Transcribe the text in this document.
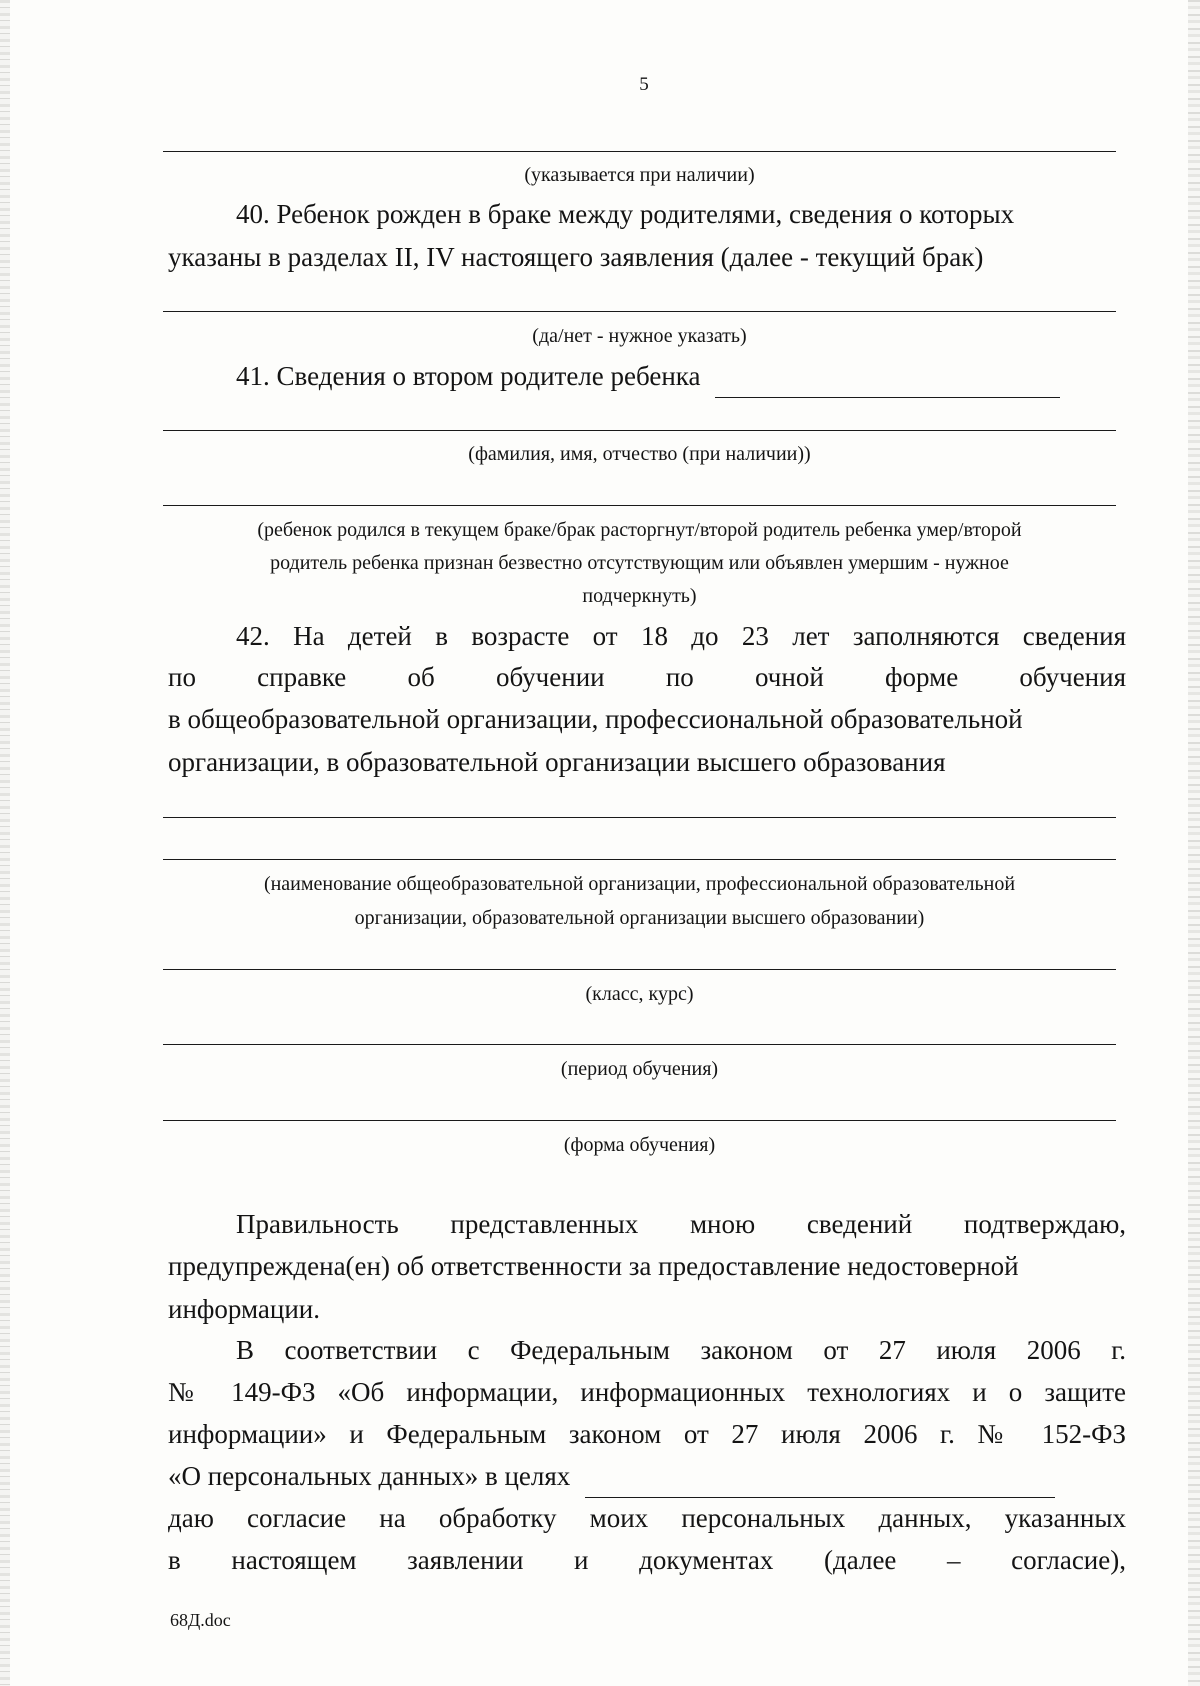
5
(указывается при наличии)
40. Ребенок рожден в браке между родителями, сведения о которых
указаны в разделах II, IV настоящего заявления (далее - текущий брак)
(да/нет - нужное указать)
41. Сведения о втором родителе ребенка
(фамилия, имя, отчество (при наличии))
(ребенок родился в текущем браке/брак расторгнут/второй родитель ребенка умер/второй
родитель ребенка признан безвестно отсутствующим или объявлен умершим - нужное
подчеркнуть)
42. На детей в возрасте от 18 до 23 лет заполняются сведения
по справке об обучении по очной форме обучения
в общеобразовательной организации, профессиональной образовательной
организации, в образовательной организации высшего образования
(наименование общеобразовательной организации, профессиональной образовательной
организации, образовательной организации высшего образовании)
(класс, курс)
(период обучения)
(форма обучения)
Правильность представленных мною сведений подтверждаю,
предупреждена(ен) об ответственности за предоставление недостоверной
информации.
В соответствии с Федеральным законом от 27 июля 2006 г.
№ 149-ФЗ «Об информации, информационных технологиях и о защите
информации» и Федеральным законом от 27 июля 2006 г. № 152-ФЗ
«О персональных данных» в целях
даю согласие на обработку моих персональных данных, указанных
в настоящем заявлении и документах (далее – согласие),
68Д.doc
